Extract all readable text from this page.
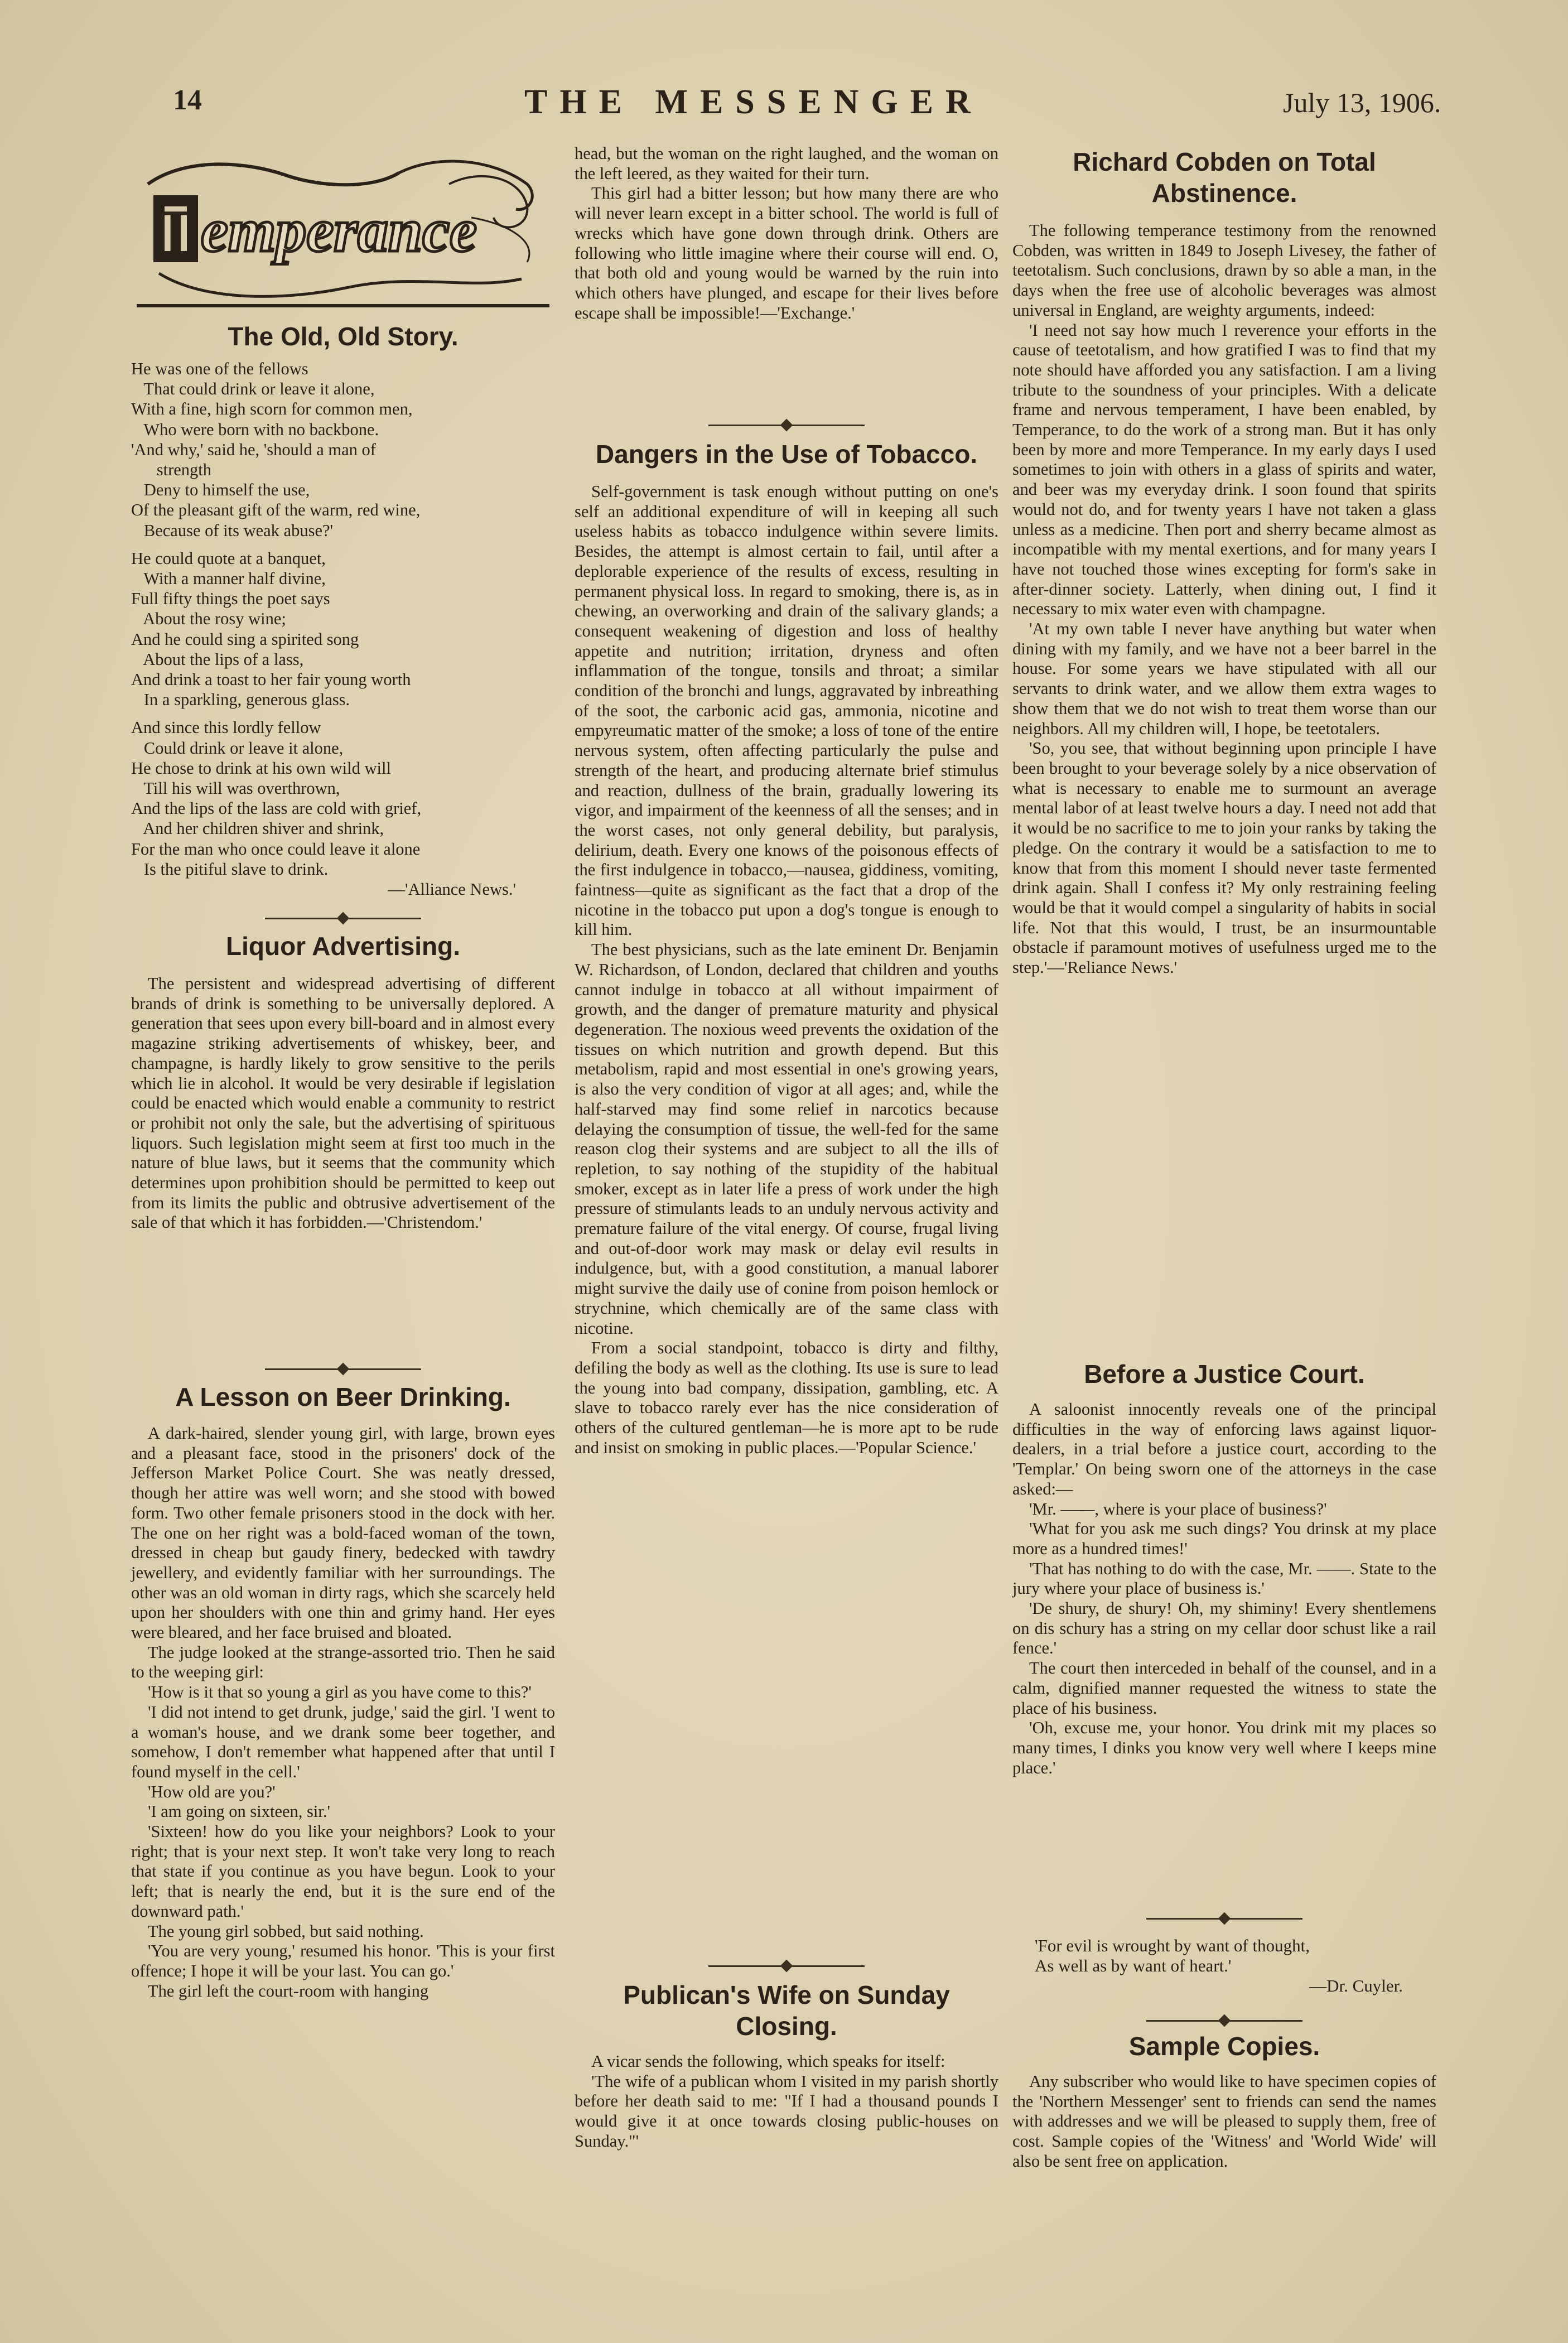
14	THE MESSENGER	July 13, 1906.
T emperance
The Old, Old Story.
He was one of the fellows
That could drink or leave it alone,
With a fine, high scorn for common men,
Who were born with no backbone.
'And why,' said he, 'should a man of
strength
Deny to himself the use,
Of the pleasant gift of the warm, red wine,
Because of its weak abuse?'
He could quote at a banquet,
With a manner half divine,
Full fifty things the poet says
About the rosy wine;
And he could sing a spirited song
About the lips of a lass,
And drink a toast to her fair young worth
In a sparkling, generous glass.
And since this lordly fellow
Could drink or leave it alone,
He chose to drink at his own wild will
Till his will was overthrown,
And the lips of the lass are cold with grief,
And her children shiver and shrink,
For the man who once could leave it alone
Is the pitiful slave to drink.
—'Alliance News.'
Liquor Advertising.

The persistent and widespread advertising of different brands of drink is something to be universally deplored. A generation that sees upon every bill-board and in almost every magazine striking advertisements of whiskey, beer, and champagne, is hardly likely to grow sensitive to the perils which lie in alcohol. It would be very desirable if legislation could be enacted which would enable a community to restrict or prohibit not only the sale, but the advertising of spirituous liquors. Such legislation might seem at first too much in the nature of blue laws, but it seems that the community which determines upon prohibition should be permitted to keep out from its limits the public and obtrusive advertisement of the sale of that which it has forbidden.—'Christendom.'

A Lesson on Beer Drinking.

A dark-haired, slender young girl, with large, brown eyes and a pleasant face, stood in the prisoners' dock of the Jefferson Market Police Court. She was neatly dressed, though her attire was well worn; and she stood with bowed form. Two other female prisoners stood in the dock with her. The one on her right was a bold-faced woman of the town, dressed in cheap but gaudy finery, bedecked with tawdry jewellery, and evidently familiar with her surroundings. The other was an old woman in dirty rags, which she scarcely held upon her shoulders with one thin and grimy hand. Her eyes were bleared, and her face bruised and bloated.

The judge looked at the strange-assorted trio. Then he said to the weeping girl:

'How is it that so young a girl as you have come to this?'

'I did not intend to get drunk, judge,' said the girl. 'I went to a woman's house, and we drank some beer together, and somehow, I don't remember what happened after that until I found myself in the cell.'

'How old are you?'

'I am going on sixteen, sir.'

'Sixteen! how do you like your neighbors? Look to your right; that is your next step. It won't take very long to reach that state if you continue as you have begun. Look to your left; that is nearly the end, but it is the sure end of the downward path.'

The young girl sobbed, but said nothing.

'You are very young,' resumed his honor. 'This is your first offence; I hope it will be your last. You can go.'

The girl left the court-room with hanging

head, but the woman on the right laughed, and the woman on the left leered, as they waited for their turn.

This girl had a bitter lesson; but how many there are who will never learn except in a bitter school. The world is full of wrecks which have gone down through drink. Others are following who little imagine where their course will end. O, that both old and young would be warned by the ruin into which others have plunged, and escape for their lives before escape shall be impossible!—'Exchange.'

Dangers in the Use of Tobacco.

Self-government is task enough without putting on one's self an additional expenditure of will in keeping all such useless habits as tobacco indulgence within severe limits. Besides, the attempt is almost certain to fail, until after a deplorable experience of the results of excess, resulting in permanent physical loss. In regard to smoking, there is, as in chewing, an overworking and drain of the salivary glands; a consequent weakening of digestion and loss of healthy appetite and nutrition; irritation, dryness and often inflammation of the tongue, tonsils and throat; a similar condition of the bronchi and lungs, aggravated by inbreathing of the soot, the carbonic acid gas, ammonia, nicotine and empyreumatic matter of the smoke; a loss of tone of the entire nervous system, often affecting particularly the pulse and strength of the heart, and producing alternate brief stimulus and reaction, dullness of the brain, gradually lowering its vigor, and impairment of the keenness of all the senses; and in the worst cases, not only general debility, but paralysis, delirium, death. Every one knows of the poisonous effects of the first indulgence in tobacco,—nausea, giddiness, vomiting, faintness—quite as significant as the fact that a drop of the nicotine in the tobacco put upon a dog's tongue is enough to kill him.

The best physicians, such as the late eminent Dr. Benjamin W. Richardson, of London, declared that children and youths cannot indulge in tobacco at all without impairment of growth, and the danger of premature maturity and physical degeneration. The noxious weed prevents the oxidation of the tissues on which nutrition and growth depend. But this metabolism, rapid and most essential in one's growing years, is also the very condition of vigor at all ages; and, while the half-starved may find some relief in narcotics because delaying the consumption of tissue, the well-fed for the same reason clog their systems and are subject to all the ills of repletion, to say nothing of the stupidity of the habitual smoker, except as in later life a press of work under the high pressure of stimulants leads to an unduly nervous activity and premature failure of the vital energy. Of course, frugal living and out-of-door work may mask or delay evil results in indulgence, but, with a good constitution, a manual laborer might survive the daily use of conine from poison hemlock or strychnine, which chemically are of the same class with nicotine.

From a social standpoint, tobacco is dirty and filthy, defiling the body as well as the clothing. Its use is sure to lead the young into bad company, dissipation, gambling, etc. A slave to tobacco rarely ever has the nice consideration of others of the cultured gentleman—he is more apt to be rude and insist on smoking in public places.—'Popular Science.'

Publican's Wife on Sunday Closing.

A vicar sends the following, which speaks for itself:

'The wife of a publican whom I visited in my parish shortly before her death said to me: "If I had a thousand pounds I would give it at once towards closing public-houses on Sunday."'

Richard Cobden on Total Abstinence.

The following temperance testimony from the renowned Cobden, was written in 1849 to Joseph Livesey, the father of teetotalism. Such conclusions, drawn by so able a man, in the days when the free use of alcoholic beverages was almost universal in England, are weighty arguments, indeed:

'I need not say how much I reverence your efforts in the cause of teetotalism, and how gratified I was to find that my note should have afforded you any satisfaction. I am a living tribute to the soundness of your principles. With a delicate frame and nervous temperament, I have been enabled, by Temperance, to do the work of a strong man. But it has only been by more and more Temperance. In my early days I used sometimes to join with others in a glass of spirits and water, and beer was my everyday drink. I soon found that spirits would not do, and for twenty years I have not taken a glass unless as a medicine. Then port and sherry became almost as incompatible with my mental exertions, and for many years I have not touched those wines excepting for form's sake in after-dinner society. Latterly, when dining out, I find it necessary to mix water even with champagne.

'At my own table I never have anything but water when dining with my family, and we have not a beer barrel in the house. For some years we have stipulated with all our servants to drink water, and we allow them extra wages to show them that we do not wish to treat them worse than our neighbors. All my children will, I hope, be teetotalers.

'So, you see, that without beginning upon principle I have been brought to your beverage solely by a nice observation of what is necessary to enable me to surmount an average mental labor of at least twelve hours a day. I need not add that it would be no sacrifice to me to join your ranks by taking the pledge. On the contrary it would be a satisfaction to me to know that from this moment I should never taste fermented drink again. Shall I confess it? My only restraining feeling would be that it would compel a singularity of habits in social life. Not that this would, I trust, be an insurmountable obstacle if paramount motives of usefulness urged me to the step.'—'Reliance News.'

Before a Justice Court.

A saloonist innocently reveals one of the principal difficulties in the way of enforcing laws against liquor-dealers, in a trial before a justice court, according to the 'Templar.' On being sworn one of the attorneys in the case asked:—

'Mr. ——, where is your place of business?'

'What for you ask me such dings? You drinsk at my place more as a hundred times!'

'That has nothing to do with the case, Mr. ——. State to the jury where your place of business is.'

'De shury, de shury! Oh, my shiminy! Every shentlemens on dis schury has a string on my cellar door schust like a rail fence.'

The court then interceded in behalf of the counsel, and in a calm, dignified manner requested the witness to state the place of his business.

'Oh, excuse me, your honor. You drink mit my places so many times, I dinks you know very well where I keeps mine place.'

'For evil is wrought by want of thought,
As well as by want of heart.'
—Dr. Cuyler.
Sample Copies.

Any subscriber who would like to have specimen copies of the 'Northern Messenger' sent to friends can send the names with addresses and we will be pleased to supply them, free of cost. Sample copies of the 'Witness' and 'World Wide' will also be sent free on application.
